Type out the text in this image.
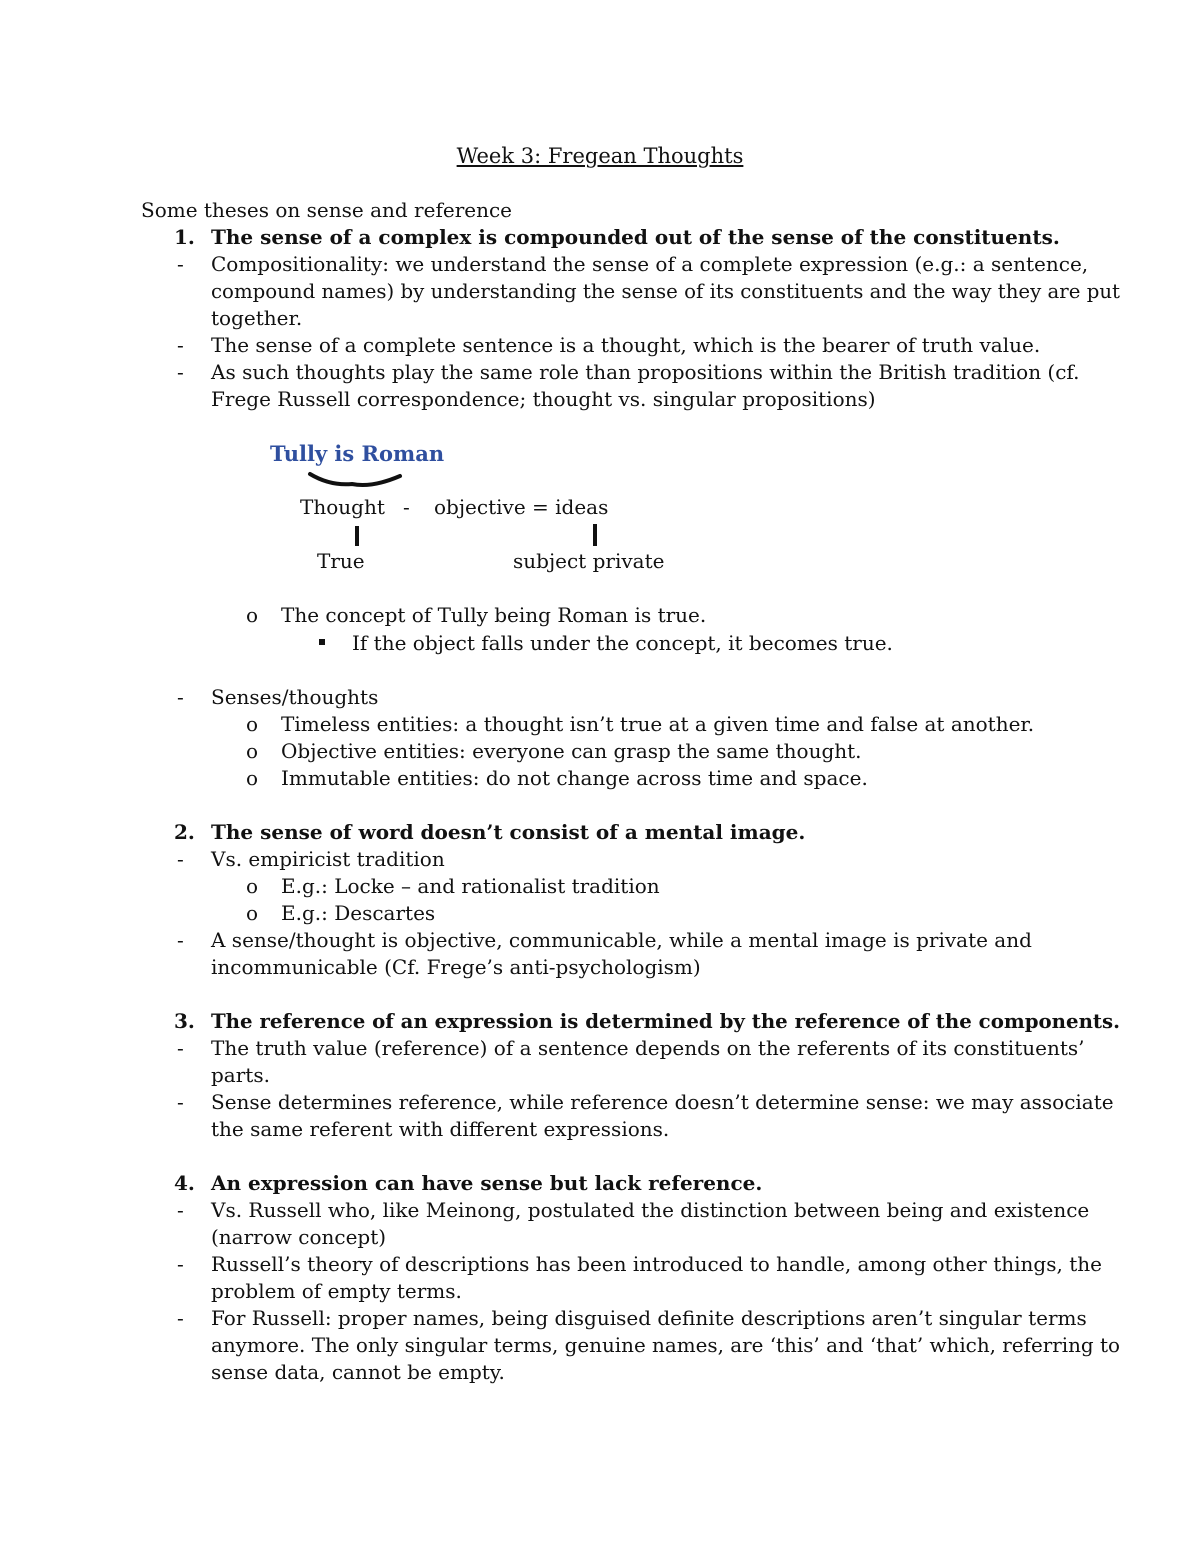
Week 3: Fregean Thoughts
Some theses on sense and reference
1. The sense of a complex is compounded out of the sense of the constituents.
- Compositionality: we understand the sense of a complete expression (e.g.: a sentence,
compound names) by understanding the sense of its constituents and the way they are put
together.
- The sense of a complete sentence is a thought, which is the bearer of truth value.
- As such thoughts play the same role than propositions within the British tradition (cf.
Frege Russell correspondence; thought vs. singular propositions)
Tully is Roman
Thought - objective = ideas
True	subject private
o The concept of Tully being Roman is true.
If the object falls under the concept, it becomes true.
- Senses/thoughts
o Timeless entities: a thought isn’t true at a given time and false at another.
o Objective entities: everyone can grasp the same thought.
o Immutable entities: do not change across time and space.
2. The sense of word doesn’t consist of a mental image.
- Vs. empiricist tradition
o E.g.: Locke – and rationalist tradition
o E.g.: Descartes
- A sense/thought is objective, communicable, while a mental image is private and
incommunicable (Cf. Frege’s anti-psychologism)
3. The reference of an expression is determined by the reference of the components.
- The truth value (reference) of a sentence depends on the referents of its constituents’
parts.
- Sense determines reference, while reference doesn’t determine sense: we may associate
the same referent with different expressions.
4. An expression can have sense but lack reference.
- Vs. Russell who, like Meinong, postulated the distinction between being and existence
(narrow concept)
- Russell’s theory of descriptions has been introduced to handle, among other things, the
problem of empty terms.
- For Russell: proper names, being disguised definite descriptions aren’t singular terms
anymore. The only singular terms, genuine names, are ‘this’ and ‘that’ which, referring to
sense data, cannot be empty.
